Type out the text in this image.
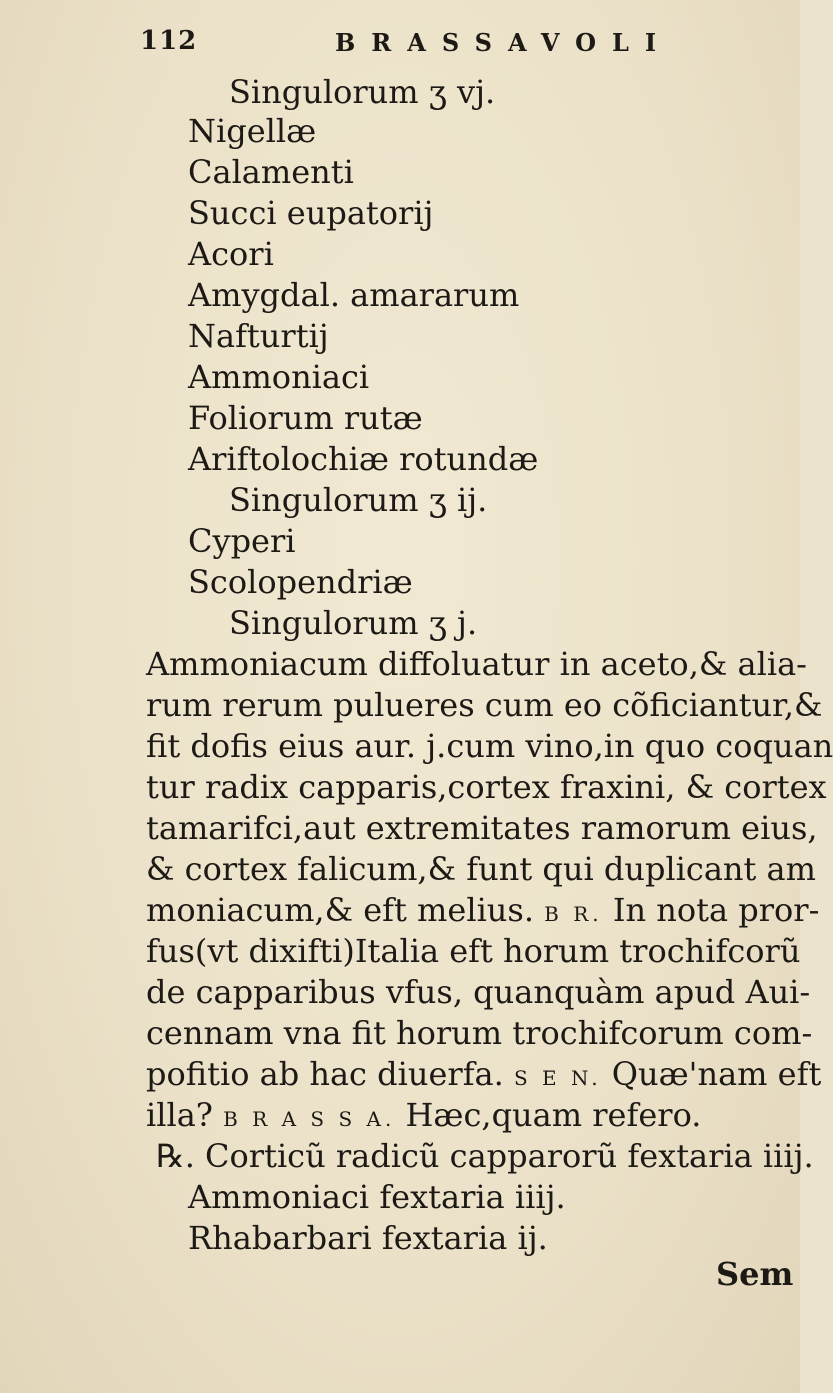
112	BRASSAVOLI
Singulorum ʒ vj.
Nigellæ
Calamenti
Succi eupatorij
Acori
Amygdal. amararum
Nafturtij
Ammoniaci
Foliorum rutæ
Ariftolochiæ rotundæ
Singulorum ʒ ij.
Cyperi
Scolopendriæ
Singulorum ʒ j.
Ammoniacum diffoluatur in aceto,& alia-
rum rerum pulueres cum eo cõficiantur,&
fit dofis eius aur. j.cum vino,in quo coquan
tur radix capparis,cortex fraxini, & cortex
tamarifci,aut extremitates ramorum eius,
& cortex falicum,& funt qui duplicant am
moniacum,& eft melius. B R. In nota pror-
fus(vt dixifti)Italia eft horum trochifcorũ
de capparibus vfus, quanquàm apud Aui-
cennam vna fit horum trochifcorum com-
pofitio ab hac diuerfa. S E N. Quæ'nam eft
illa? B R A S S A. Hæc,quam refero.
℞. Corticũ radicũ capparorũ fextaria iiij.
Ammoniaci fextaria iiij.
Rhabarbari fextaria ij.
Sem
